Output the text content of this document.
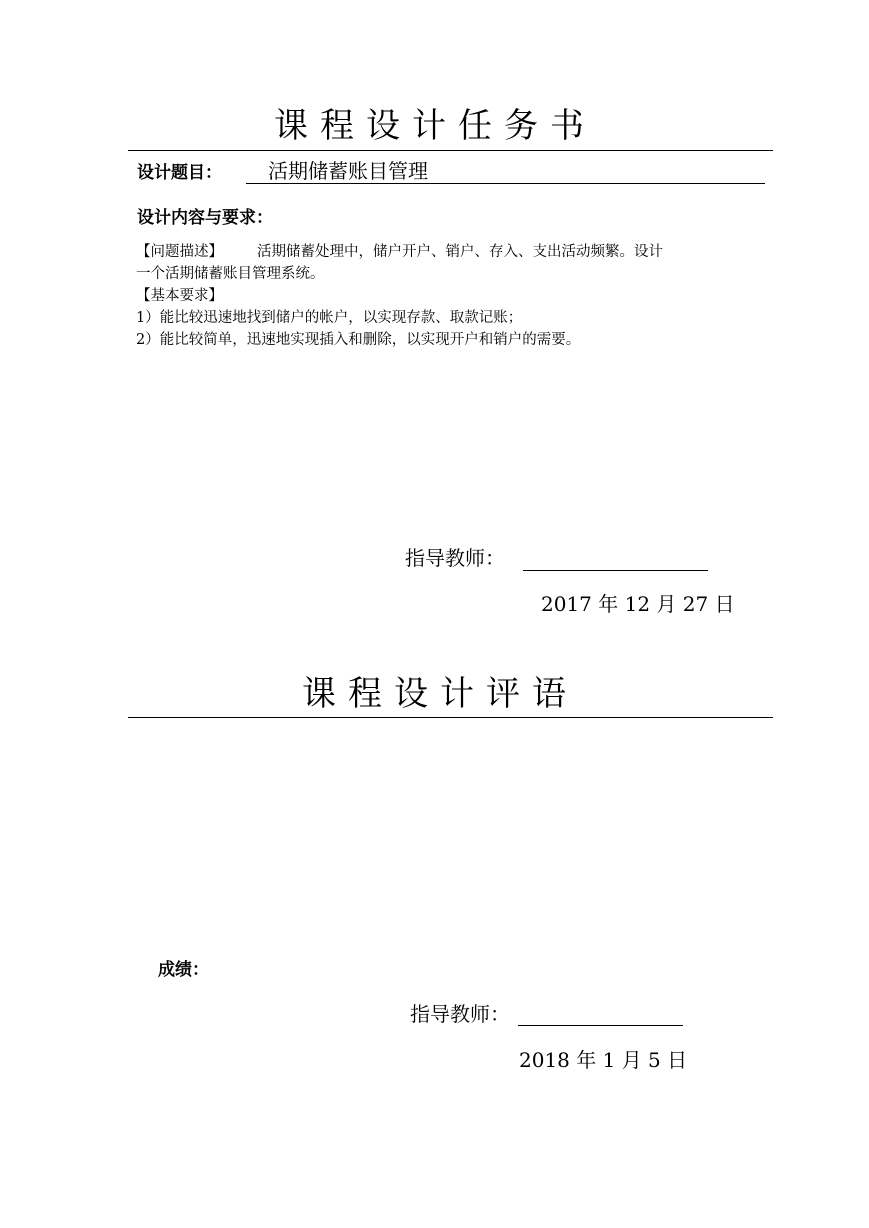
课程设计任务书
设计题目： 活期储蓄账目管理
设计内容与要求：
【问题描述】 活期储蓄处理中，储户开户、销户、存入、支出活动频繁。设计
一个活期储蓄账目管理系统。
【基本要求】
1）能比较迅速地找到储户的帐户，以实现存款、取款记账；
2）能比较简单，迅速地实现插入和删除，以实现开户和销户的需要。
指导教师：
2017 年 12 月 27 日
课程设计评语
成绩：
指导教师：
2018 年 1 月 5 日
